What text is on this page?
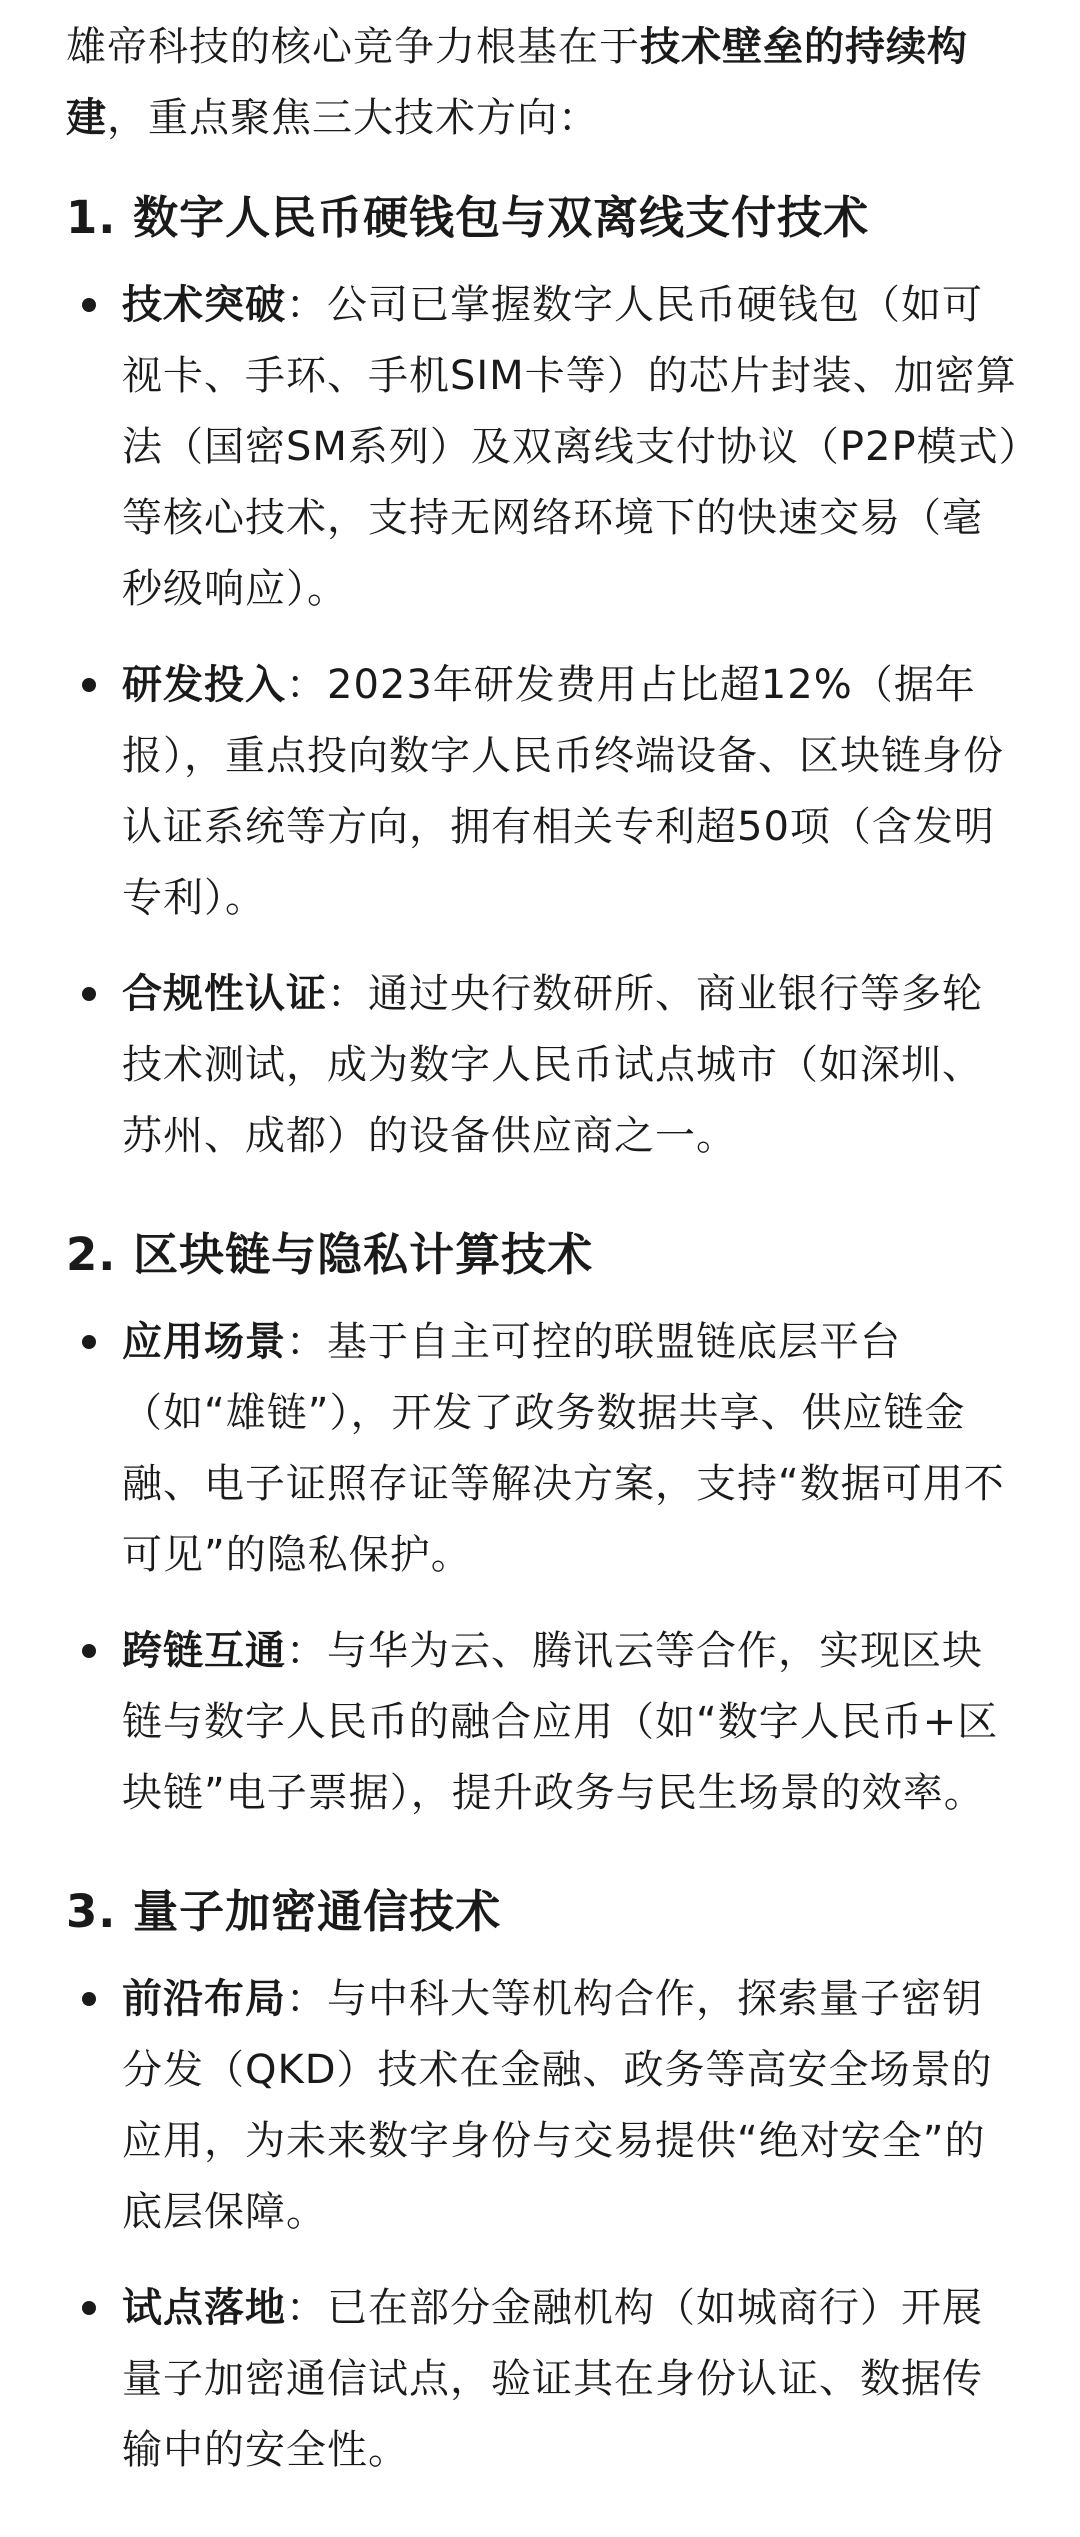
雄帝科技的核心竞争力根基在于技术壁垒的持续构建，重点聚焦三大技术方向：

1. 数字人民币硬钱包与双离线支付技术
技术突破：公司已掌握数字人民币硬钱包（如可视卡、手环、手机SIM卡等）的芯片封装、加密算法（国密SM系列）及双离线支付协议（P2P模式）等核心技术，支持无网络环境下的快速交易（毫秒级响应）。
研发投入：2023年研发费用占比超12%（据年报），重点投向数字人民币终端设备、区块链身份认证系统等方向，拥有相关专利超50项（含发明专利）。
合规性认证：通过央行数研所、商业银行等多轮技术测试，成为数字人民币试点城市（如深圳、苏州、成都）的设备供应商之一。
2. 区块链与隐私计算技术
应用场景：基于自主可控的联盟链底层平台（如“雄链”），开发了政务数据共享、供应链金融、电子证照存证等解决方案，支持“数据可用不可见”的隐私保护。
跨链互通：与华为云、腾讯云等合作，实现区块链与数字人民币的融合应用（如“数字人民币+区块链”电子票据），提升政务与民生场景的效率。
3. 量子加密通信技术
前沿布局：与中科大等机构合作，探索量子密钥分发（QKD）技术在金融、政务等高安全场景的应用，为未来数字身份与交易提供“绝对安全”的底层保障。
试点落地：已在部分金融机构（如城商行）开展量子加密通信试点，验证其在身份认证、数据传输中的安全性。
